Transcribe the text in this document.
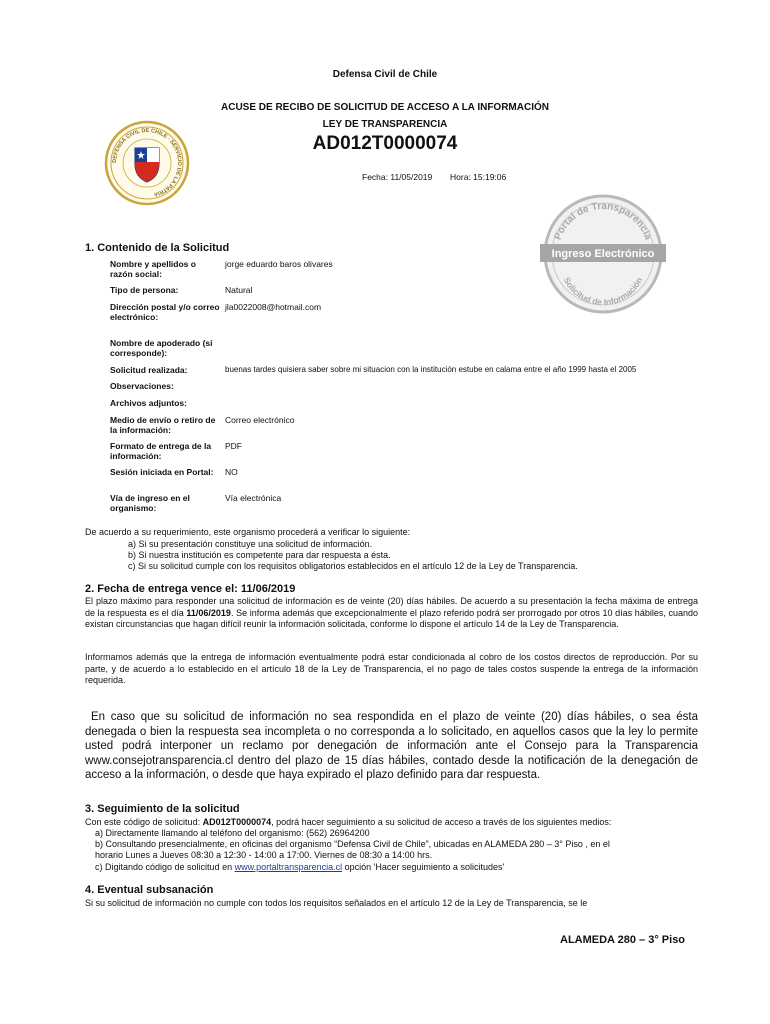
Defensa Civil de Chile
ACUSE DE RECIBO DE SOLICITUD DE ACCESO A LA INFORMACIÓN
LEY DE TRANSPARENCIA
AD012T0000074
Fecha: 11/05/2019 Hora: 15:19:06
DEFENSA CIVIL DE CHILE · SERVICIO DE LA PATRIA
Portal de Transparencia
Ingreso Electrónico
Solicitud de Información
1. Contenido de la Solicitud
Nombre y apellidos o razón social:
jorge eduardo baros olivares
Tipo de persona:	Natural
Dirección postal y/o correo electrónico:
jla0022008@hotmail.com
Nombre de apoderado (si corresponde):
Solicitud realizada:	buenas tardes quisiera saber sobre mi situacion con la institución estube en calama entre el año 1999 hasta el 2005
Observaciones:
Archivos adjuntos:
Medio de envío o retiro de la información:
Correo electrónico
Formato de entrega de la información:
PDF
Sesión iniciada en Portal:	NO
Vía de ingreso en el organismo:
Vía electrónica
De acuerdo a su requerimiento, este organismo procederá a verificar lo siguiente:
a) Si su presentación constituye una solicitud de información.
b) Si nuestra institución es competente para dar respuesta a ésta.
c) Si su solicitud cumple con los requisitos obligatorios establecidos en el artículo 12 de la Ley de Transparencia.
2. Fecha de entrega vence el: 11/06/2019

El plazo máximo para responder una solicitud de información es de veinte (20) días hábiles. De acuerdo a su presentación la fecha máxima de entrega de la respuesta es el día 11/06/2019. Se informa además que excepcionalmente el plazo referido podrá ser prorrogado por otros 10 días hábiles, cuando existan circunstancias que hagan difícil reunir la información solicitada, conforme lo dispone el artículo 14 de la Ley de Transparencia.

Informamos además que la entrega de información eventualmente podrá estar condicionada al cobro de los costos directos de reproducción. Por su parte, y de acuerdo a lo establecido en el artículo 18 de la Ley de Transparencia, el no pago de tales costos suspende la entrega de la información requerida.

En caso que su solicitud de información no sea respondida en el plazo de veinte (20) días hábiles, o sea ésta denegada o bien la respuesta sea incompleta o no corresponda a lo solicitado, en aquellos casos que la ley lo permite usted podrá interponer un reclamo por denegación de información ante el Consejo para la Transparencia www.consejotransparencia.cl dentro del plazo de 15 días hábiles, contado desde la notificación de la denegación de acceso a la información, o desde que haya expirado el plazo definido para dar respuesta.

3. Seguimiento de la solicitud
Con este código de solicitud: AD012T0000074, podrá hacer seguimiento a su solicitud de acceso a través de los siguientes medios:
a) Directamente llamando al teléfono del organismo: (562) 26964200
b) Consultando presencialmente, en oficinas del organismo “Defensa Civil de Chile”, ubicadas en ALAMEDA 280 – 3° Piso , en el
horario Lunes a Jueves 08:30 a 12:30 - 14:00 a 17:00. Viernes de 08:30 a 14:00 hrs.
c) Digitando código de solicitud en www.portaltransparencia.cl opción 'Hacer seguimiento a solicitudes'
4. Eventual subsanación
Si su solicitud de información no cumple con todos los requisitos señalados en el artículo 12 de la Ley de Transparencia, se le
ALAMEDA 280 – 3° Piso
